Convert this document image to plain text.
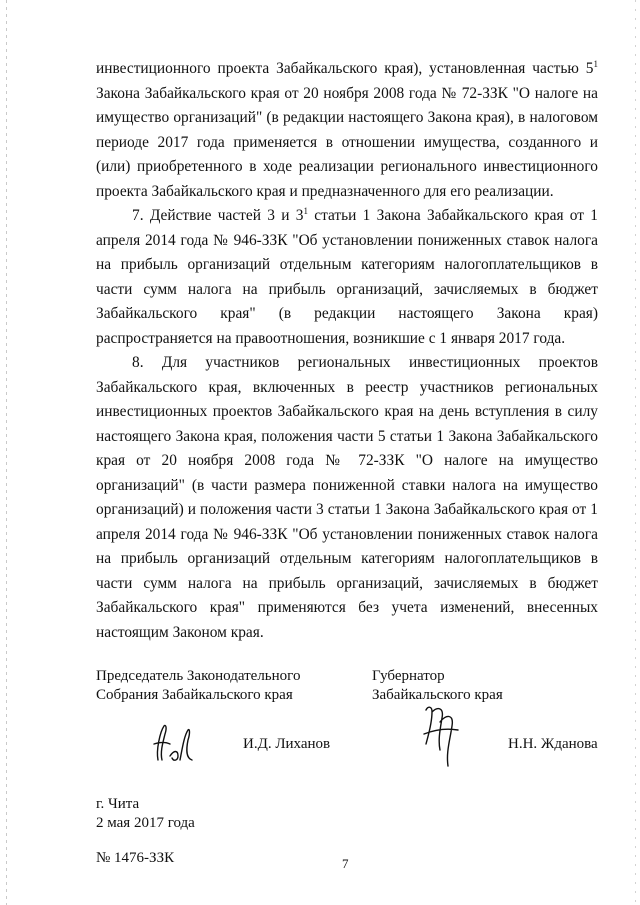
инвестиционного проекта Забайкальского края), установленная частью $5^1$ Закона Забайкальского края от 20 ноября 2008 года № 72-ЗЗК "О налоге на имущество организаций" (в редакции настоящего Закона края), в налоговом периоде 2017 года применяется в отношении имущества, созданного и (или) приобретенного в ходе реализации регионального инвестиционного проекта Забайкальского края и предназначенного для его реализации.

7. Действие частей 3 и $3^1$ статьи 1 Закона Забайкальского края от 1 апреля 2014 года № 946-ЗЗК "Об установлении пониженных ставок налога на прибыль организаций отдельным категориям налогоплательщиков в части сумм налога на прибыль организаций, зачисляемых в бюджет Забайкальского края" (в редакции настоящего Закона края) распространяется на правоотношения, возникшие с 1 января 2017 года.

8. Для участников региональных инвестиционных проектов Забайкальского края, включенных в реестр участников региональных инвестиционных проектов Забайкальского края на день вступления в силу настоящего Закона края, положения части 5 статьи 1 Закона Забайкальского края от 20 ноября 2008 года № 72-ЗЗК "О налоге на имущество организаций" (в части размера пониженной ставки налога на имущество организаций) и положения части 3 статьи 1 Закона Забайкальского края от 1 апреля 2014 года № 946-ЗЗК "Об установлении пониженных ставок налога на прибыль организаций отдельным категориям налогоплательщиков в части сумм налога на прибыль организаций, зачисляемых в бюджет Забайкальского края" применяются без учета изменений, внесенных настоящим Законом края.

Председатель Законодательного
Собрания Забайкальского края
Губернатор
Забайкальского края
И.Д. Лиханов	Н.Н. Жданова
г. Чита
2 мая 2017 года
№ 1476-ЗЗК	7
